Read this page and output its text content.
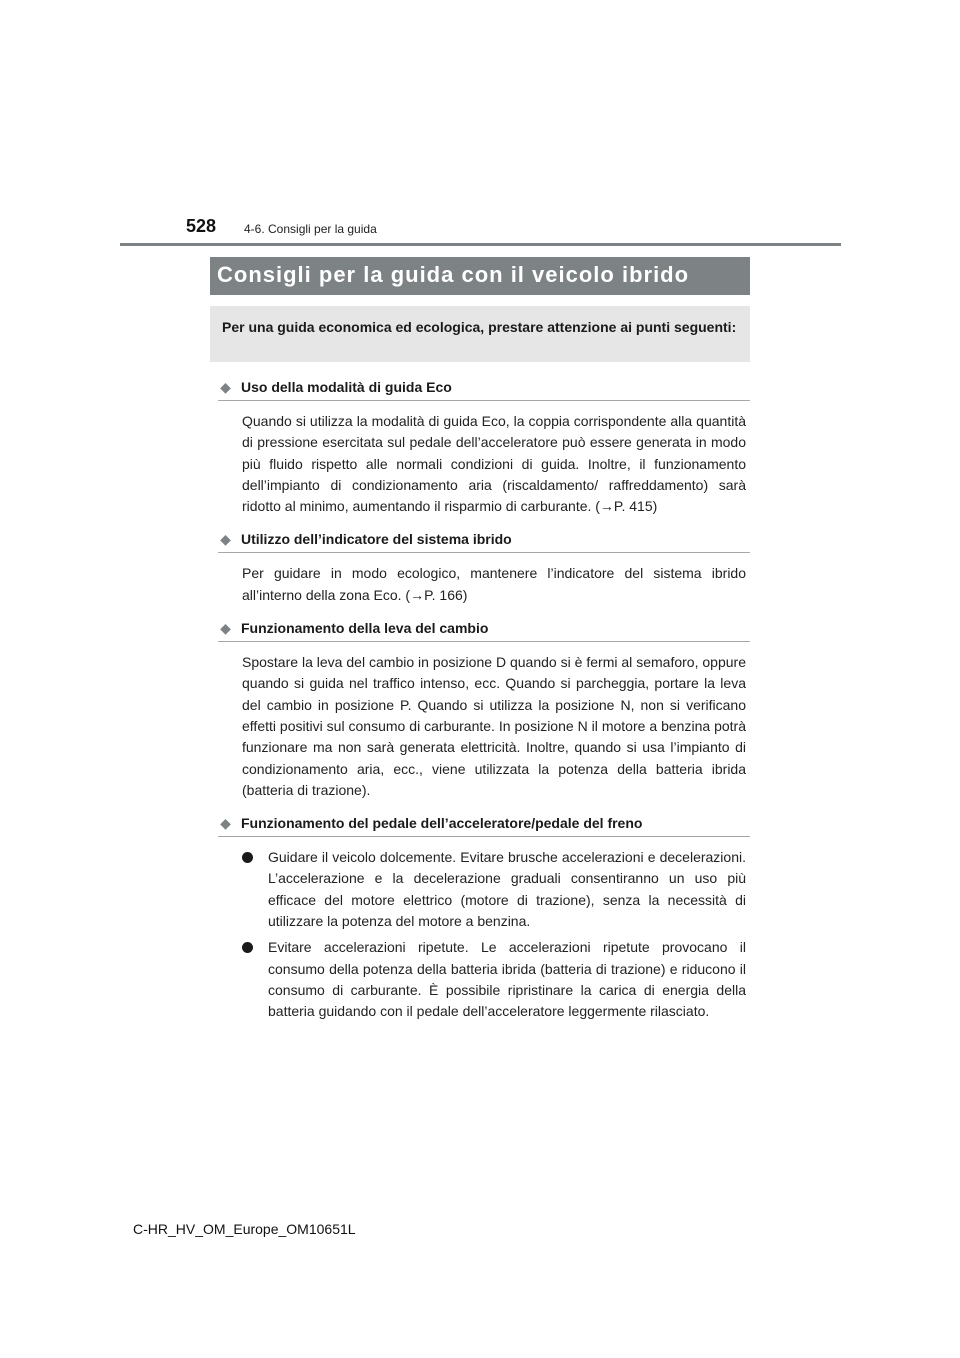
528 4-6. Consigli per la guida
Consigli per la guida con il veicolo ibrido
Per una guida economica ed ecologica, prestare attenzione ai punti seguenti:
◆ Uso della modalità di guida Eco

Quando si utilizza la modalità di guida Eco, la coppia corrispondente alla quantità di pressione esercitata sul pedale dell’acceleratore può essere generata in modo più fluido rispetto alle normali condizioni di guida. Inoltre, il funzionamento dell’impianto di condizionamento aria (riscaldamento/ raffreddamento) sarà ridotto al minimo, aumentando il risparmio di carburante. (→P. 415)

◆ Utilizzo dell’indicatore del sistema ibrido

Per guidare in modo ecologico, mantenere l’indicatore del sistema ibrido all’interno della zona Eco. (→P. 166)

◆ Funzionamento della leva del cambio

Spostare la leva del cambio in posizione D quando si è fermi al semaforo, oppure quando si guida nel traffico intenso, ecc. Quando si parcheggia, portare la leva del cambio in posizione P. Quando si utilizza la posizione N, non si verificano effetti positivi sul consumo di carburante. In posizione N il motore a benzina potrà funzionare ma non sarà generata elettricità. Inoltre, quando si usa l’impianto di condizionamento aria, ecc., viene utilizzata la potenza della batteria ibrida (batteria di trazione).

◆ Funzionamento del pedale dell’acceleratore/pedale del freno
Guidare il veicolo dolcemente. Evitare brusche accelerazioni e decelerazioni. L’accelerazione e la decelerazione graduali consentiranno un uso più efficace del motore elettrico (motore di trazione), senza la necessità di utilizzare la potenza del motore a benzina.
Evitare accelerazioni ripetute. Le accelerazioni ripetute provocano il consumo della potenza della batteria ibrida (batteria di trazione) e riducono il consumo di carburante. È possibile ripristinare la carica di energia della batteria guidando con il pedale dell’acceleratore leggermente rilasciato.
C-HR_HV_OM_Europe_OM10651L
